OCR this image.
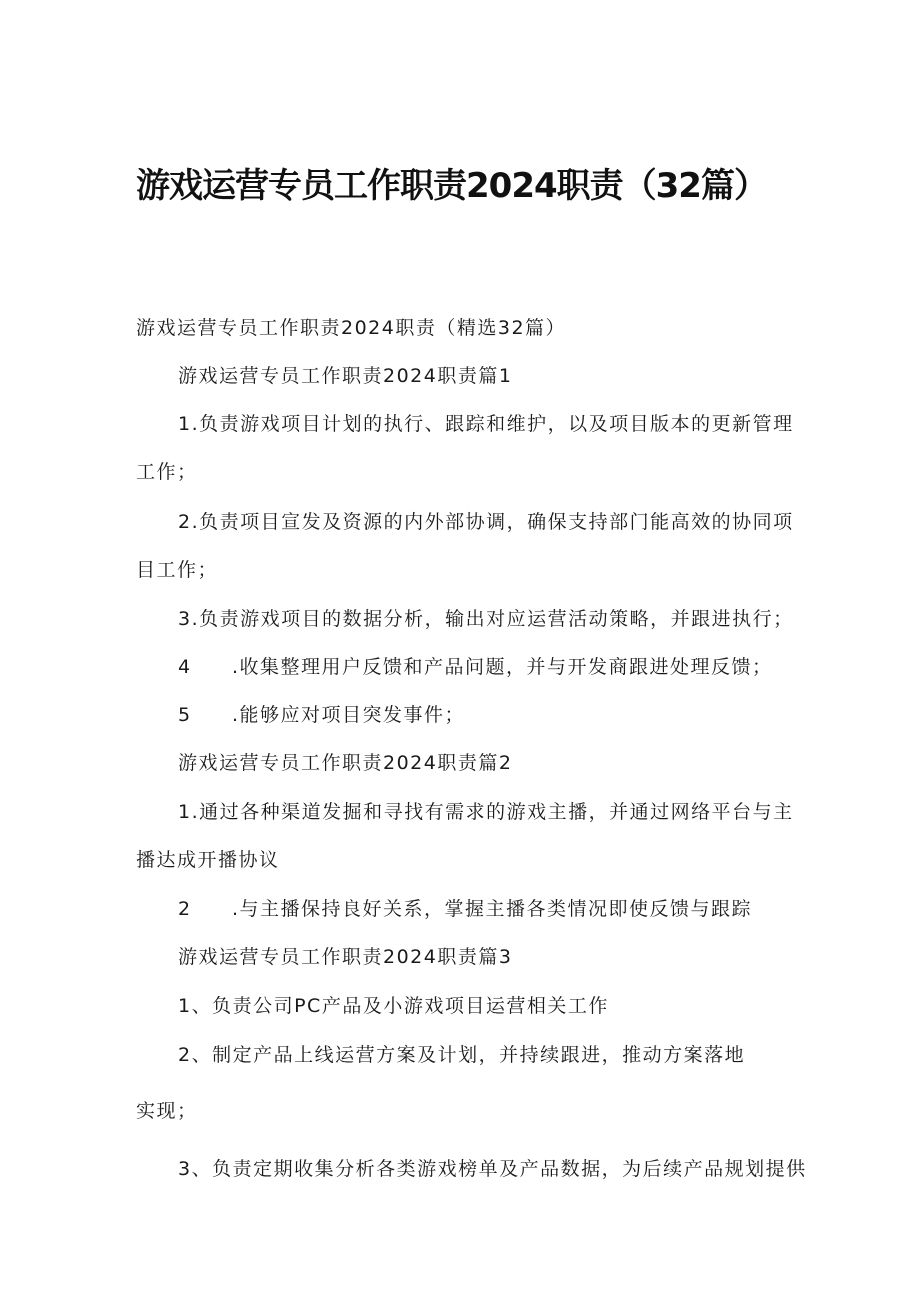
游戏运营专员工作职责2024职责（32篇）
游戏运营专员工作职责2024职责（精选32篇）
游戏运营专员工作职责2024职责篇1
1.负责游戏项目计划的执行、跟踪和维护，以及项目版本的更新管理
工作；
2.负责项目宣发及资源的内外部协调，确保支持部门能高效的协同项
目工作；
3.负责游戏项目的数据分析，输出对应运营活动策略，并跟进执行；
4 .收集整理用户反馈和产品问题，并与开发商跟进处理反馈；
5 .能够应对项目突发事件；
游戏运营专员工作职责2024职责篇2
1.通过各种渠道发掘和寻找有需求的游戏主播，并通过网络平台与主
播达成开播协议
2 .与主播保持良好关系，掌握主播各类情况即使反馈与跟踪
游戏运营专员工作职责2024职责篇3
1、负责公司PC产品及小游戏项目运营相关工作
2、制定产品上线运营方案及计划，并持续跟进，推动方案落地
实现；
3、负责定期收集分析各类游戏榜单及产品数据，为后续产品规划提供
